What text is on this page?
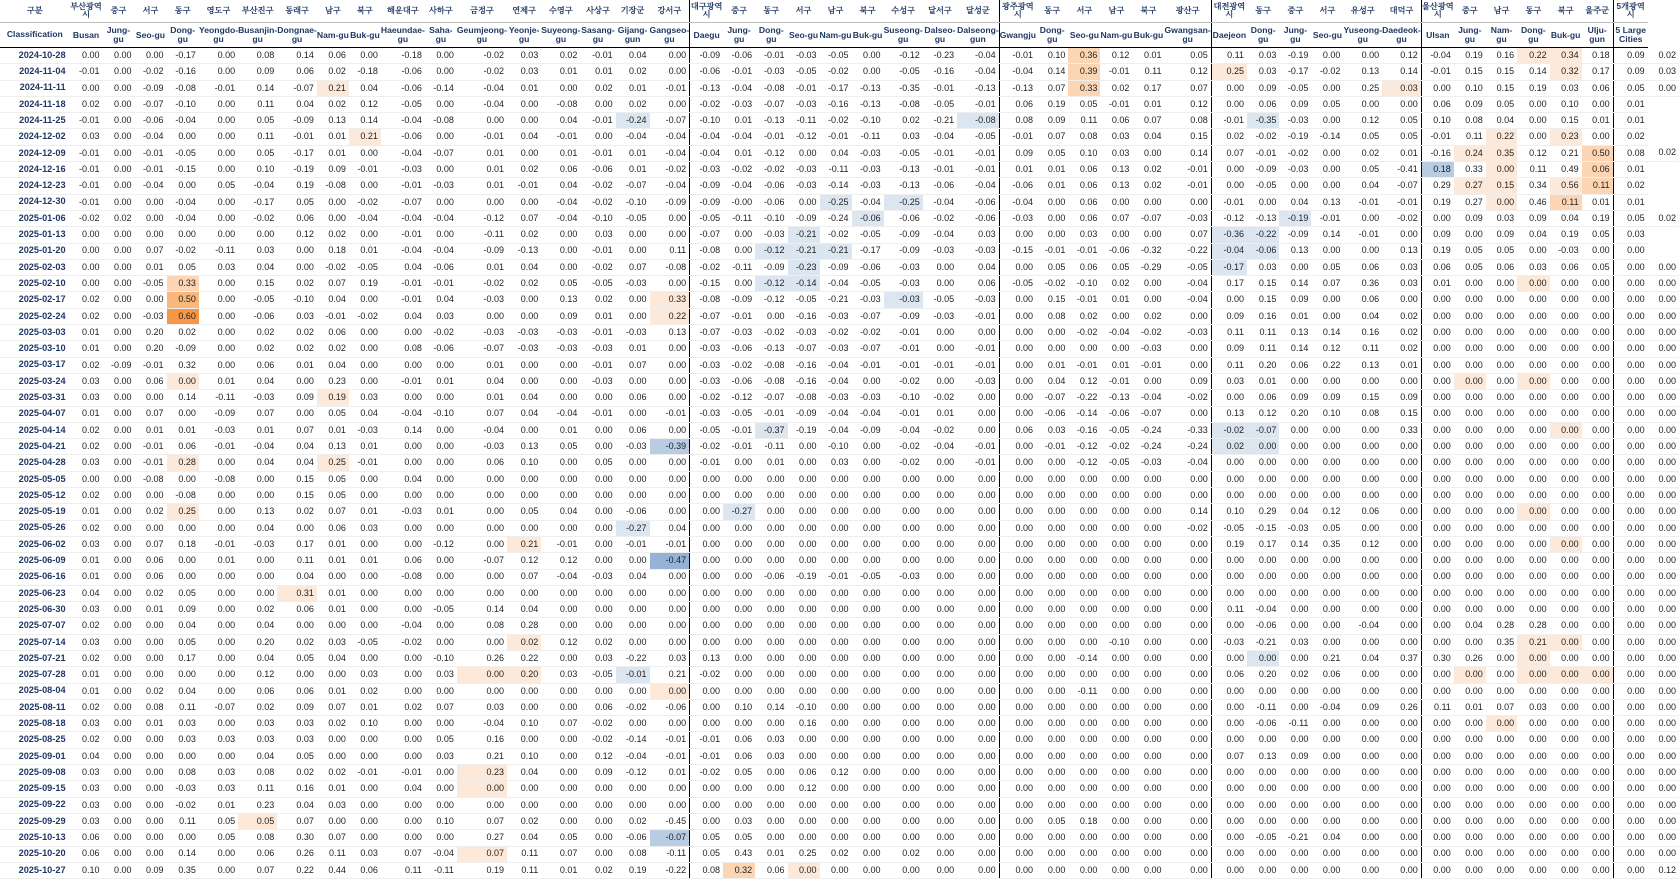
구분	부산광역시	중구	서구	동구	영도구	부산진구	동래구	남구	북구	해운대구	사하구	금정구	연제구	수영구	사상구	기장군	강서구	대구광역시	중구	동구	서구	남구	북구	수성구	달서구	달성군	광주광역시	동구	서구	남구	북구	광산구	대전광역시	동구	중구	서구	유성구	대덕구	울산광역시	중구	남구	동구	북구	울주군	5개광역시	

Classification	Busan	Jung-gu	Seo-gu	Dong-gu	Yeongdo-gu	Busanjin-gu	Dongnae-gu	Nam-gu	Buk-gu	Haeundae-gu	Saha-gu	Geumjeong-gu	Yeonje-gu	Suyeong-gu	Sasang-gu	Gijang-gun	Gangseo-gu	Daegu	Jung-gu	Dong-gu	Seo-gu	Nam-gu	Buk-gu	Suseong-gu	Dalseo-gu	Dalseong-gun	Gwangju	Dong-gu	Seo-gu	Nam-gu	Buk-gu	Gwangsan-gu	Daejeon	Dong-gu	Jung-gu	Seo-gu	Yuseong-gu	Daedeok-gu	Ulsan	Jung-gu	Nam-gu	Dong-gu	Buk-gu	Ulju-gun	5 Large Cities	

2024-10-28	0.00	0.00	0.00	-0.17	0.00	0.08	0.14	0.06	0.00	-0.18	0.00	-0.02	0.03	0.02	-0.01	0.04	0.00	-0.09	-0.06	-0.01	-0.03	-0.05	0.00	-0.12	-0.23	-0.04	-0.01	0.10	0.36	0.12	0.01	0.05	0.11	0.03	-0.19	0.00	0.00	0.12	-0.04	0.19	0.16	0.22	0.34	0.18	0.09	0.02
2024-11-04	-0.01	0.00	-0.02	-0.16	0.00	0.09	0.06	0.02	-0.18	-0.06	0.00	-0.02	0.03	0.01	0.01	0.02	0.00	-0.06	-0.01	-0.03	-0.05	-0.02	0.00	-0.05	-0.16	-0.04	-0.04	0.14	0.39	-0.01	0.11	0.12	0.25	0.03	-0.17	-0.02	0.13	0.14	-0.01	0.15	0.15	0.14	0.32	0.17	0.09	0.03
2024-11-11	0.00	0.00	-0.09	-0.08	-0.01	0.14	-0.07	0.21	0.04	-0.06	-0.14	-0.04	0.01	0.00	0.02	0.01	-0.01	-0.13	-0.04	-0.08	-0.01	-0.17	-0.13	-0.35	-0.01	-0.13	-0.13	0.07	0.33	0.02	0.17	0.07	0.00	0.09	-0.05	0.00	0.25	0.03	0.00	0.10	0.15	0.19	0.03	0.06	0.05	0.00
2024-11-18	0.02	0.00	-0.07	-0.10	0.00	0.11	0.04	0.02	0.12	-0.05	0.00	-0.04	0.00	-0.08	0.00	0.02	0.00	-0.02	-0.03	-0.07	-0.03	-0.16	-0.13	-0.08	-0.05	-0.01	0.06	0.19	0.05	-0.01	0.01	0.12	0.00	0.06	0.09	0.05	0.00	0.00	0.06	0.09	0.05	0.00	0.10	0.00	0.01	
2024-11-25	-0.01	0.00	-0.06	-0.04	0.00	0.05	-0.09	0.13	0.14	-0.04	-0.08	0.00	0.00	0.04	-0.01	-0.24	-0.07	-0.10	0.01	-0.13	-0.11	-0.02	-0.10	0.02	-0.21	-0.08	0.08	0.09	0.11	0.06	0.07	0.08	-0.01	-0.35	-0.03	0.00	0.12	0.05	0.10	0.08	0.04	0.00	0.15	0.01	0.01	
2024-12-02	0.03	0.00	-0.04	0.00	0.00	0.11	-0.01	0.01	0.21	-0.06	0.00	-0.01	0.04	-0.01	0.00	-0.04	-0.04	-0.04	-0.04	-0.01	-0.12	-0.01	-0.11	0.03	-0.04	-0.05	-0.01	0.07	0.08	0.03	0.04	0.15	0.02	-0.02	-0.19	-0.14	0.05	0.05	-0.01	0.11	0.22	0.00	0.23	0.00	0.02	
2024-12-09	-0.01	0.00	-0.01	-0.05	0.00	0.05	-0.17	0.01	0.00	-0.04	-0.07	0.01	0.00	0.01	-0.01	0.01	-0.04	-0.04	0.01	-0.12	0.00	0.04	-0.03	-0.05	-0.01	-0.01	0.09	0.05	0.10	0.03	0.00	0.14	0.07	-0.01	-0.02	0.00	0.02	0.01	-0.16	0.24	0.35	0.12	0.21	0.50	0.08	0.02
2024-12-16	-0.01	0.00	-0.01	-0.15	0.00	0.10	-0.19	0.09	-0.01	-0.03	0.00	0.01	0.02	0.06	-0.06	0.01	-0.02	-0.03	-0.02	-0.02	-0.03	-0.11	-0.03	-0.13	-0.01	-0.01	0.01	0.01	0.06	0.13	0.02	-0.01	0.00	-0.09	-0.03	0.00	0.05	-0.41	0.18	0.33	0.00	0.11	0.49	0.06	0.01	
2024-12-23	-0.01	0.00	-0.04	0.00	0.05	-0.04	0.19	-0.08	0.00	-0.01	-0.03	0.01	-0.01	0.04	-0.02	-0.07	-0.04	-0.09	-0.04	-0.06	-0.03	-0.14	-0.03	-0.13	-0.06	-0.04	-0.06	0.01	0.06	0.13	0.02	-0.01	0.00	-0.05	0.00	0.00	0.04	-0.07	0.29	0.27	0.15	0.34	0.56	0.11	0.02	
2024-12-30	-0.01	0.00	0.00	-0.04	0.00	-0.17	0.05	0.00	-0.02	-0.07	0.00	0.00	0.00	-0.04	-0.02	-0.10	-0.09	-0.09	-0.00	-0.06	0.00	-0.25	-0.04	-0.25	-0.04	-0.06	-0.04	0.00	0.06	0.00	0.00	0.00	-0.01	0.00	0.04	0.13	-0.01	-0.01	0.19	0.27	0.00	0.46	0.11	0.01	0.01	
2025-01-06	-0.02	0.02	0.00	-0.04	0.00	-0.02	0.06	0.00	-0.04	-0.04	-0.04	-0.12	0.07	-0.04	-0.10	-0.05	0.00	-0.05	-0.11	-0.10	-0.09	-0.24	-0.06	-0.06	-0.02	-0.06	-0.03	0.00	0.06	0.07	-0.07	-0.03	-0.12	-0.13	-0.19	-0.01	0.00	-0.02	0.00	0.09	0.03	0.09	0.04	0.19	0.05	0.02
2025-01-13	0.00	0.00	0.00	0.00	0.00	0.00	0.12	0.02	0.00	-0.01	0.00	-0.11	0.02	0.00	0.03	0.00	0.00	-0.07	0.00	-0.03	-0.21	-0.02	-0.05	-0.09	-0.04	0.03	0.00	0.00	0.03	0.00	0.00	0.07	-0.36	-0.22	-0.09	0.14	-0.01	0.00	0.09	0.00	0.09	0.04	0.19	0.05	0.03	
2025-01-20	0.00	0.00	0.07	-0.02	-0.11	0.03	0.00	0.18	0.01	-0.04	-0.04	-0.09	-0.13	0.00	-0.01	0.00	0.11	-0.08	0.00	-0.12	-0.21	-0.21	-0.17	-0.09	-0.03	-0.03	-0.15	-0.01	-0.01	-0.06	-0.32	-0.22	-0.04	-0.06	0.13	0.00	0.00	0.13	0.19	0.05	0.05	0.00	-0.03	0.00	0.00	
2025-02-03	0.00	0.00	0.01	0.05	0.03	0.04	0.00	-0.02	-0.05	0.04	-0.06	0.01	0.04	0.00	-0.02	0.07	-0.08	-0.02	-0.11	-0.09	-0.23	-0.09	-0.06	-0.03	0.00	0.04	0.00	0.05	0.06	0.05	-0.29	-0.05	-0.17	0.03	0.00	0.05	0.06	0.03	0.06	0.05	0.06	0.03	0.06	0.05	0.00	0.00
2025-02-10	0.00	0.00	-0.05	0.33	0.00	0.15	0.02	0.07	0.19	-0.01	-0.01	-0.02	0.02	0.05	-0.05	-0.03	0.00	-0.15	0.00	-0.12	-0.14	-0.04	-0.05	-0.03	0.00	0.06	-0.05	-0.02	-0.10	0.02	0.00	-0.04	0.17	0.15	0.14	0.07	0.36	0.03	0.01	0.00	0.00	0.00	0.00	0.00	0.00	0.00
2025-02-17	0.02	0.00	0.00	0.50	0.00	-0.05	-0.10	0.04	0.00	-0.01	0.04	-0.03	0.00	0.13	0.02	0.00	0.33	-0.08	-0.09	-0.12	-0.05	-0.21	-0.03	-0.03	-0.05	-0.03	0.00	0.15	-0.01	0.01	0.00	-0.04	0.00	0.15	0.09	0.00	0.06	0.00	0.00	0.00	0.00	0.00	0.00	0.00	0.00	0.00
2025-02-24	0.02	0.00	-0.03	0.60	0.00	-0.06	0.03	-0.01	-0.02	0.04	0.03	0.00	0.00	0.09	0.01	0.00	0.22	-0.07	-0.01	0.00	-0.16	-0.03	-0.07	-0.09	-0.03	-0.01	0.00	0.08	0.02	0.00	0.02	0.00	0.09	0.16	0.01	0.00	0.04	0.02	0.00	0.00	0.00	0.00	0.00	0.00	0.00	0.00
2025-03-03	0.01	0.00	0.20	0.02	0.00	0.02	0.02	0.06	0.00	0.00	-0.02	-0.03	-0.03	-0.03	-0.01	-0.03	0.13	-0.07	-0.03	-0.02	-0.03	-0.02	-0.02	-0.01	0.00	0.00	0.00	0.00	-0.02	-0.04	-0.02	-0.03	0.11	0.11	0.13	0.14	0.16	0.02	0.00	0.00	0.00	0.00	0.00	0.00	0.00	0.00
2025-03-10	0.01	0.00	0.20	-0.09	0.00	0.02	0.02	0.02	0.00	0.08	-0.06	-0.07	-0.03	-0.03	-0.03	0.01	0.00	-0.03	-0.06	-0.13	-0.07	-0.03	-0.07	-0.01	0.00	-0.01	0.00	0.00	0.00	0.00	-0.03	0.00	0.09	0.11	0.14	0.12	0.11	0.02	0.00	0.00	0.00	0.00	0.00	0.00	0.00	0.00
2025-03-17	0.02	-0.09	-0.01	0.32	0.00	0.06	0.01	0.04	0.00	0.00	0.00	0.01	0.00	0.00	-0.01	0.07	0.00	-0.03	-0.02	-0.08	-0.16	-0.04	-0.01	-0.01	-0.01	-0.01	0.00	0.01	-0.01	0.01	-0.01	0.00	0.11	0.20	0.06	0.22	0.13	0.01	0.00	0.00	0.00	0.00	0.00	0.00	0.00	0.00
2025-03-24	0.03	0.00	0.06	0.00	0.01	0.04	0.00	0.23	0.00	-0.01	0.01	0.04	0.00	0.00	-0.03	0.00	0.00	-0.03	-0.06	-0.08	-0.16	-0.04	0.00	-0.02	0.00	-0.03	0.00	0.04	0.12	-0.01	0.00	0.09	0.03	0.01	0.00	0.00	0.00	0.00	0.00	0.00	0.00	0.00	0.00	0.00	0.00	0.00
2025-03-31	0.03	0.00	0.00	0.14	-0.11	-0.03	0.09	0.19	0.03	0.00	0.00	0.01	0.04	0.00	0.00	0.06	0.00	-0.02	-0.12	-0.07	-0.08	-0.03	-0.03	-0.10	-0.02	0.00	0.00	-0.07	-0.22	-0.13	-0.04	-0.02	0.00	0.06	0.09	0.09	0.15	0.09	0.00	0.00	0.00	0.00	0.00	0.00	0.00	0.00
2025-04-07	0.01	0.00	0.07	0.00	-0.09	0.07	0.00	0.05	0.04	-0.04	-0.10	0.07	0.04	-0.04	-0.01	0.00	-0.01	-0.03	-0.05	-0.01	-0.09	-0.04	-0.04	-0.01	0.01	0.00	0.00	-0.06	-0.14	-0.06	-0.07	0.00	0.13	0.12	0.20	0.10	0.08	0.15	0.00	0.00	0.00	0.00	0.00	0.00	0.00	0.00
2025-04-14	0.02	0.00	0.01	0.01	-0.03	0.01	0.07	0.01	-0.03	0.14	0.00	-0.04	0.00	0.01	0.00	0.06	0.00	-0.05	-0.01	-0.37	-0.19	-0.04	-0.09	-0.04	-0.02	0.00	0.06	0.03	-0.16	-0.05	-0.24	-0.33	-0.02	-0.07	0.00	0.00	0.00	0.33	0.00	0.00	0.00	0.00	0.00	0.00	0.00	0.00
2025-04-21	0.02	0.00	-0.01	0.06	-0.01	-0.04	0.04	0.13	0.01	0.00	0.00	-0.03	0.13	0.05	0.00	-0.03	-0.39	-0.02	-0.01	-0.11	0.00	-0.10	0.00	-0.02	-0.04	-0.01	0.00	-0.01	-0.12	-0.02	-0.24	-0.24	0.02	0.00	0.00	0.00	0.00	0.00	0.00	0.00	0.00	0.00	0.00	0.00	0.00	0.00
2025-04-28	0.03	0.00	-0.01	0.28	0.00	0.04	0.04	0.25	-0.01	0.00	0.00	0.06	0.10	0.00	0.05	0.00	0.00	-0.01	0.00	0.01	0.00	0.03	0.00	-0.02	0.00	-0.01	0.00	0.00	-0.12	-0.05	-0.03	-0.04	0.00	0.00	0.00	0.00	0.00	0.00	0.00	0.00	0.00	0.00	0.00	0.00	0.00	0.00
2025-05-05	0.00	0.00	-0.08	0.00	-0.08	0.00	0.15	0.05	0.00	0.04	0.00	0.00	0.00	0.00	0.00	0.00	0.00	0.00	0.00	0.00	0.00	0.00	0.00	0.00	0.00	0.00	0.00	0.00	0.00	0.00	0.00	0.00	0.00	0.00	0.00	0.00	0.00	0.00	0.00	0.00	0.00	0.00	0.00	0.00	0.00	0.00
2025-05-12	0.02	0.00	0.00	-0.08	0.00	0.00	0.15	0.05	0.00	0.00	0.00	0.00	0.00	0.00	0.00	0.00	0.00	0.00	0.00	0.00	0.00	0.00	0.00	0.00	0.00	0.00	0.00	0.00	0.00	0.00	0.00	0.00	0.00	0.00	0.00	0.00	0.00	0.00	0.00	0.00	0.00	0.00	0.00	0.00	0.00	0.00
2025-05-19	0.01	0.00	0.02	0.25	0.00	0.13	0.02	0.07	0.01	-0.03	0.01	0.00	0.05	0.04	0.00	-0.06	0.00	0.00	-0.27	0.00	0.00	0.00	0.00	0.00	0.00	0.00	0.00	0.00	0.00	0.00	0.00	0.14	0.10	0.29	0.04	0.12	0.06	0.00	0.00	0.00	0.00	0.00	0.00	0.00	0.00	0.00
2025-05-26	0.02	0.00	0.00	0.00	0.00	0.04	0.00	0.06	0.03	0.00	0.00	0.00	0.00	0.00	0.00	-0.27	0.04	0.00	0.00	0.00	0.00	0.00	0.00	0.00	0.00	0.00	0.00	0.00	0.00	0.00	0.00	-0.02	-0.05	-0.15	-0.03	0.05	0.00	0.00	0.00	0.00	0.00	0.00	0.00	0.00	0.00	0.00
2025-06-02	0.03	0.00	0.07	0.18	-0.01	-0.03	0.17	0.01	0.00	0.00	-0.12	0.00	0.21	-0.01	0.00	-0.01	-0.01	0.00	0.00	0.00	0.00	0.00	0.00	0.00	0.00	0.00	0.00	0.00	0.00	0.00	0.00	0.00	0.19	0.17	0.14	0.35	0.12	0.00	0.00	0.00	0.00	0.00	0.00	0.00	0.00	0.00
2025-06-09	0.01	0.00	0.06	0.00	0.01	0.00	0.11	0.01	0.01	0.06	0.00	-0.07	0.12	0.12	0.00	0.00	-0.47	0.00	0.00	0.00	0.00	0.00	0.00	0.00	0.00	0.00	0.00	0.00	0.00	0.00	0.00	0.00	0.00	0.00	0.00	0.00	0.00	0.00	0.00	0.00	0.00	0.00	0.00	0.00	0.00	0.00
2025-06-16	0.01	0.00	0.06	0.00	0.00	0.00	0.04	0.00	0.00	-0.08	0.00	0.00	0.07	-0.04	-0.03	0.04	0.00	0.00	0.00	-0.06	-0.19	-0.01	-0.05	-0.03	0.00	0.00	0.00	0.00	0.00	0.00	0.00	0.00	0.00	0.00	0.00	0.00	0.00	0.00	0.00	0.00	0.00	0.00	0.00	0.00	0.00	0.00
2025-06-23	0.04	0.00	0.02	0.05	0.00	0.00	0.31	0.01	0.00	0.00	0.00	0.00	0.00	0.00	0.00	0.00	0.00	0.00	0.00	0.00	0.00	0.00	0.00	0.00	0.00	0.00	0.00	0.00	0.00	0.00	0.00	0.00	0.00	0.00	0.00	0.00	0.00	0.00	0.00	0.00	0.00	0.00	0.00	0.00	0.00	0.00
2025-06-30	0.03	0.00	0.01	0.09	0.00	0.02	0.06	0.01	0.00	0.00	-0.05	0.14	0.04	0.00	0.00	0.00	0.00	0.00	0.00	0.00	0.00	0.00	0.00	0.00	0.00	0.00	0.00	0.00	0.00	0.00	0.00	0.00	0.11	-0.04	0.00	0.00	0.00	0.00	0.00	0.00	0.00	0.00	0.00	0.00	0.00	0.00
2025-07-07	0.02	0.00	0.00	0.04	0.00	0.04	0.00	0.00	0.00	-0.04	0.00	0.08	0.28	0.00	0.00	0.00	0.00	0.00	0.00	0.00	0.00	0.00	0.00	0.00	0.00	0.00	0.00	0.00	0.00	0.00	0.00	0.00	0.00	-0.06	0.00	0.00	-0.04	0.00	0.00	0.04	0.28	0.28	0.00	0.00	0.00	0.00
2025-07-14	0.03	0.00	0.00	0.05	0.00	0.20	0.02	0.03	-0.05	-0.02	0.00	0.00	0.02	0.12	0.02	0.00	0.00	0.00	0.00	0.00	0.00	0.00	0.00	0.00	0.00	0.00	0.00	0.00	0.00	-0.10	0.00	0.00	-0.03	-0.21	0.03	0.00	0.00	0.00	0.00	0.00	0.35	0.21	0.00	0.00	0.00	0.00
2025-07-21	0.02	0.00	0.00	0.17	0.00	0.04	0.05	0.04	0.00	0.00	-0.10	0.26	0.22	0.00	0.03	-0.22	0.03	0.13	0.00	0.00	0.00	0.00	0.00	0.00	0.00	0.00	0.00	0.00	-0.14	0.00	0.00	0.00	0.00	0.00	0.00	0.21	0.04	0.37	0.30	0.26	0.00	0.00	0.00	0.00	0.00	0.00
2025-07-28	0.01	0.00	0.00	0.00	0.00	0.12	0.00	0.00	0.03	0.00	0.03	0.00	0.20	0.03	-0.05	-0.01	0.21	-0.02	0.00	0.00	0.00	0.00	0.00	0.00	0.00	0.00	0.00	0.00	0.00	0.00	0.00	0.00	0.06	0.20	0.02	0.06	0.00	0.00	0.00	0.00	0.00	0.00	0.00	0.00	0.00	0.00
2025-08-04	0.01	0.00	0.02	0.04	0.00	0.06	0.06	0.01	0.02	0.00	0.00	0.00	0.00	0.00	0.00	0.00	0.00	0.00	0.00	0.00	0.00	0.00	0.00	0.00	0.00	0.00	0.00	0.00	-0.11	0.00	0.00	0.00	0.00	0.00	0.00	0.00	0.00	0.00	0.00	0.00	0.00	0.00	0.00	0.00	0.00	0.00
2025-08-11	0.02	0.00	0.08	0.11	-0.07	0.02	0.09	0.07	0.01	0.02	0.07	0.03	0.00	0.00	0.06	-0.02	-0.06	0.00	0.10	0.14	-0.10	0.00	0.00	0.00	0.00	0.00	0.00	0.00	0.00	0.00	0.00	0.00	0.00	-0.11	0.00	-0.04	0.09	0.26	0.11	0.01	0.07	0.03	0.00	0.00	0.00	0.00
2025-08-18	0.03	0.00	0.01	0.03	0.00	0.03	0.03	0.02	0.10	0.00	0.00	-0.04	0.10	0.07	-0.02	0.00	0.00	0.00	0.00	0.00	0.16	0.00	0.00	0.00	0.00	0.00	0.00	0.00	0.00	0.00	0.00	0.00	0.00	-0.06	-0.11	0.00	0.00	0.00	0.00	0.00	0.00	0.00	0.00	0.00	0.00	0.00
2025-08-25	0.02	0.00	0.00	0.03	0.03	0.03	0.03	0.00	0.00	0.00	0.05	0.16	0.00	0.00	-0.02	-0.14	-0.01	-0.01	0.06	0.03	0.00	0.00	0.00	0.00	0.00	0.00	0.00	0.00	0.00	0.00	0.00	0.00	0.00	0.00	0.00	0.00	0.00	0.00	0.00	0.00	0.00	0.00	0.00	0.00	0.00	0.00
2025-09-01	0.04	0.00	0.00	0.00	0.00	0.04	0.05	0.00	0.00	0.00	0.03	0.21	0.10	0.00	0.12	-0.04	-0.01	-0.01	0.06	0.03	0.00	0.00	0.00	0.00	0.00	0.00	0.00	0.00	0.00	0.00	0.00	0.00	0.07	0.13	0.09	0.00	0.00	0.00	0.00	0.00	0.00	0.00	0.00	0.00	0.00	0.00
2025-09-08	0.03	0.00	0.00	0.08	0.03	0.08	0.02	0.02	-0.01	-0.01	0.00	0.23	0.04	0.00	0.09	-0.12	0.01	-0.02	0.05	0.00	0.06	0.12	0.00	0.00	0.00	0.00	0.00	0.00	0.00	0.00	0.00	0.00	0.00	0.00	0.00	0.00	0.00	0.00	0.00	0.00	0.00	0.00	0.00	0.00	0.00	0.00
2025-09-15	0.03	0.00	0.00	-0.03	0.03	0.11	0.16	0.01	0.00	0.04	0.00	0.00	0.00	0.00	0.00	0.00	0.00	0.00	0.00	0.00	0.12	0.00	0.00	0.00	0.00	0.00	0.00	0.00	0.00	0.00	0.00	0.00	0.00	0.00	0.00	0.00	0.00	0.00	0.00	0.00	0.00	0.00	0.00	0.00	0.00	0.00
2025-09-22	0.03	0.00	0.00	-0.02	0.01	0.23	0.04	0.03	0.00	0.00	0.00	0.00	0.00	0.00	0.00	0.00	0.00	0.00	0.00	0.00	0.00	0.00	0.00	0.00	0.00	0.00	0.00	0.00	0.00	0.00	0.00	0.00	0.00	0.00	0.00	0.00	0.00	0.00	0.00	0.00	0.00	0.00	0.00	0.00	0.00	0.00
2025-09-29	0.03	0.00	0.00	0.11	0.05	0.05	0.07	0.00	0.00	0.00	0.10	0.07	0.02	0.00	0.00	0.02	-0.45	0.00	0.03	0.00	0.00	0.00	0.00	0.00	0.00	0.00	0.00	0.05	0.18	0.00	0.00	0.00	0.00	0.00	0.00	0.00	0.00	0.00	0.00	0.00	0.00	0.00	0.00	0.00	0.00	0.00
2025-10-13	0.06	0.00	0.00	0.00	0.05	0.08	0.30	0.07	0.00	0.00	0.00	0.27	0.04	0.05	0.00	-0.06	-0.07	0.05	0.05	0.00	0.00	0.00	0.00	0.00	0.00	0.00	0.00	0.00	0.00	0.00	0.00	0.00	0.00	-0.05	-0.21	0.04	0.00	0.00	0.00	0.00	0.00	0.00	0.00	0.00	0.00	0.00
2025-10-20	0.06	0.00	0.00	0.14	0.00	0.06	0.26	0.11	0.03	0.07	-0.04	0.07	0.11	0.07	0.00	0.08	-0.11	0.05	0.43	0.01	0.25	0.02	0.00	0.02	0.00	0.00	0.00	0.00	0.00	0.00	0.00	0.00	0.00	0.00	0.00	0.00	0.00	0.00	0.00	0.00	0.00	0.00	0.00	0.00	0.00	0.00
2025-10-27	0.10	0.00	0.09	0.35	0.00	0.07	0.22	0.44	0.06	0.11	-0.11	0.19	0.11	0.01	0.02	0.19	-0.22	0.08	0.32	0.06	0.00	0.00	0.00	0.00	0.00	0.00	0.00	0.00	0.00	0.00	0.00	0.00	0.00	0.00	0.00	0.00	0.00	0.00	0.00	0.00	0.00	0.00	0.00	0.00	0.00	0.12
